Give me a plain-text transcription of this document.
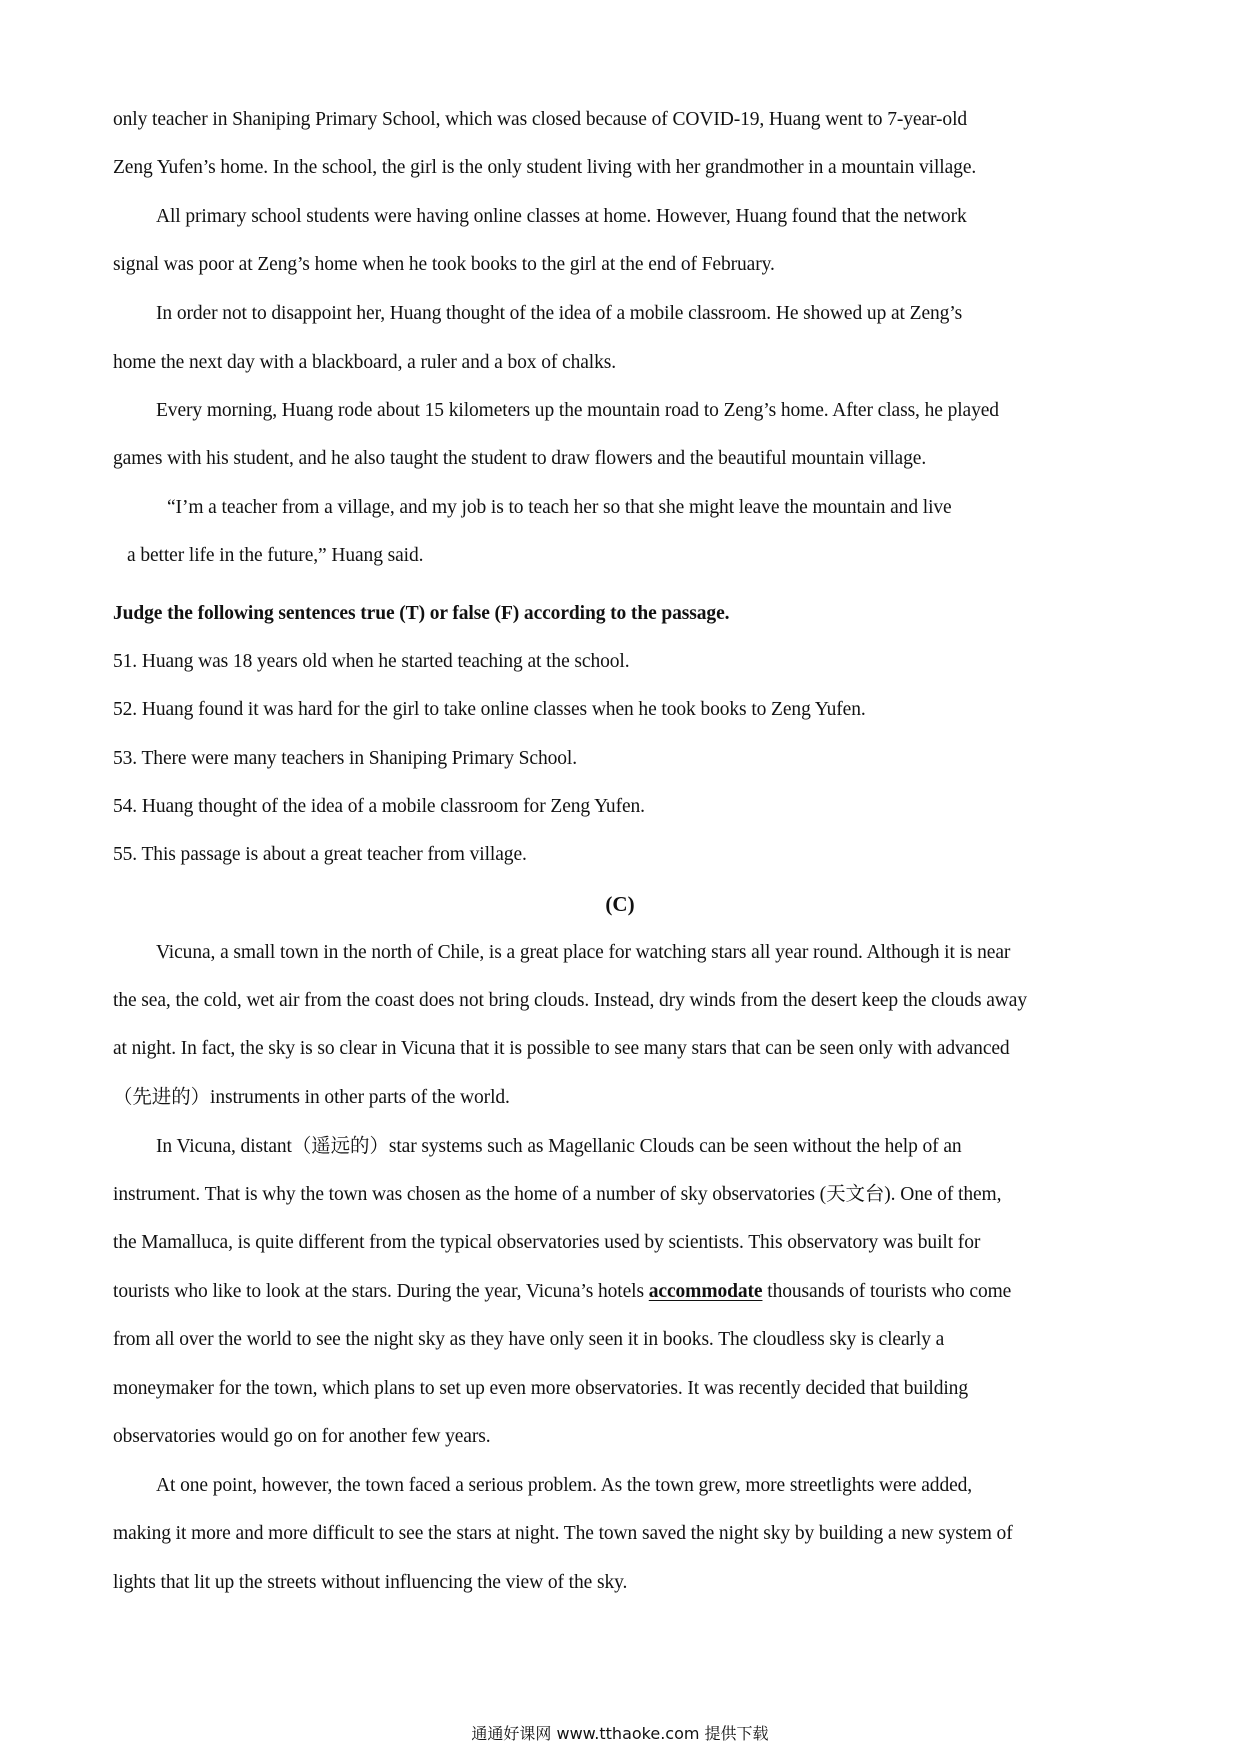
only teacher in Shaniping Primary School, which was closed because of COVID-19, Huang went to 7-year-old
Zeng Yufen’s home. In the school, the girl is the only student living with her grandmother in a mountain village.
All primary school students were having online classes at home. However, Huang found that the network
signal was poor at Zeng’s home when he took books to the girl at the end of February.
In order not to disappoint her, Huang thought of the idea of a mobile classroom. He showed up at Zeng’s
home the next day with a blackboard, a ruler and a box of chalks.
Every morning, Huang rode about 15 kilometers up the mountain road to Zeng’s home. After class, he played
games with his student, and he also taught the student to draw flowers and the beautiful mountain village.
“I’m a teacher from a village, and my job is to teach her so that she might leave the mountain and live
a better life in the future,” Huang said.
Judge the following sentences true (T) or false (F) according to the passage.
51. Huang was 18 years old when he started teaching at the school.
52. Huang found it was hard for the girl to take online classes when he took books to Zeng Yufen.
53. There were many teachers in Shaniping Primary School.
54. Huang thought of the idea of a mobile classroom for Zeng Yufen.
55. This passage is about a great teacher from village.
(C)
Vicuna, a small town in the north of Chile, is a great place for watching stars all year round. Although it is near
the sea, the cold, wet air from the coast does not bring clouds. Instead, dry winds from the desert keep the clouds away
at night. In fact, the sky is so clear in Vicuna that it is possible to see many stars that can be seen only with advanced
（先进的）instruments in other parts of the world.
In Vicuna, distant（遥远的）star systems such as Magellanic Clouds can be seen without the help of an
instrument. That is why the town was chosen as the home of a number of sky observatories (天文台). One of them,
the Mamalluca, is quite different from the typical observatories used by scientists. This observatory was built for
tourists who like to look at the stars. During the year, Vicuna’s hotels accommodate thousands of tourists who come
from all over the world to see the night sky as they have only seen it in books. The cloudless sky is clearly a
moneymaker for the town, which plans to set up even more observatories. It was recently decided that building
observatories would go on for another few years.
At one point, however, the town faced a serious problem. As the town grew, more streetlights were added,
making it more and more difficult to see the stars at night. The town saved the night sky by building a new system of
lights that lit up the streets without influencing the view of the sky.
通通好课网 www.tthaoke.com 提供下载
